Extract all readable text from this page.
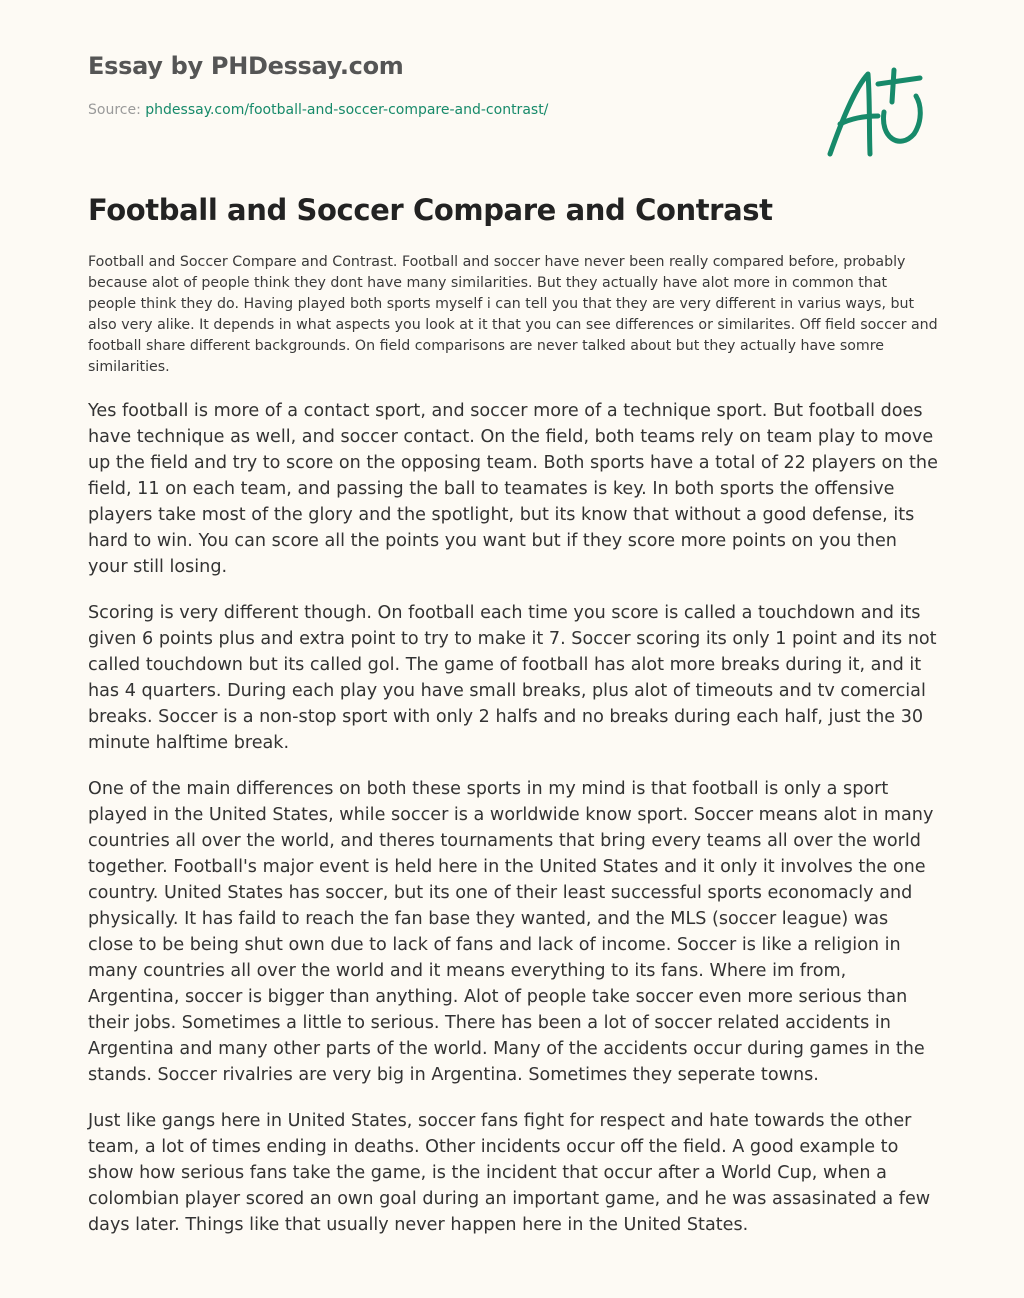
Essay by PHDessay.com
Source: phdessay.com/football-and-soccer-compare-and-contrast/
Football and Soccer Compare and Contrast

Football and Soccer Compare and Contrast. Football and soccer have never been really compared before, probably because alot of people think they dont have many similarities. But they actually have alot more in common that people think they do. Having played both sports myself i can tell you that they are very different in varius ways, but also very alike. It depends in what aspects you look at it that you can see differences or similarites. Off field soccer and football share different backgrounds. On field comparisons are never talked about but they actually have somre similarities.

Yes football is more of a contact sport, and soccer more of a technique sport. But football does have technique as well, and soccer contact. On the field, both teams rely on team play to move up the field and try to score on the opposing team. Both sports have a total of 22 players on the field, 11 on each team, and passing the ball to teamates is key. In both sports the offensive players take most of the glory and the spotlight, but its know that without a good defense, its hard to win. You can score all the points you want but if they score more points on you then your still losing.

Scoring is very different though. On football each time you score is called a touchdown and its given 6 points plus and extra point to try to make it 7. Soccer scoring its only 1 point and its not called touchdown but its called gol. The game of football has alot more breaks during it, and it has 4 quarters. During each play you have small breaks, plus alot of timeouts and tv comercial breaks. Soccer is a non-stop sport with only 2 halfs and no breaks during each half, just the 30 minute halftime break.

One of the main differences on both these sports in my mind is that football is only a sport played in the United States, while soccer is a worldwide know sport. Soccer means alot in many countries all over the world, and theres tournaments that bring every teams all over the world together. Football's major event is held here in the United States and it only it involves the one country. United States has soccer, but its one of their least successful sports economacly and physically. It has faild to reach the fan base they wanted, and the MLS (soccer league) was close to be being shut own due to lack of fans and lack of income. Soccer is like a religion in many countries all over the world and it means everything to its fans. Where im from, Argentina, soccer is bigger than anything. Alot of people take soccer even more serious than their jobs. Sometimes a little to serious. There has been a lot of soccer related accidents in Argentina and many other parts of the world. Many of the accidents occur during games in the stands. Soccer rivalries are very big in Argentina. Sometimes they seperate towns.

Just like gangs here in United States, soccer fans fight for respect and hate towards the other team, a lot of times ending in deaths. Other incidents occur off the field. A good example to show how serious fans take the game, is the incident that occur after a World Cup, when a colombian player scored an own goal during an important game, and he was assasinated a few days later. Things like that usually never happen here in the United States.
